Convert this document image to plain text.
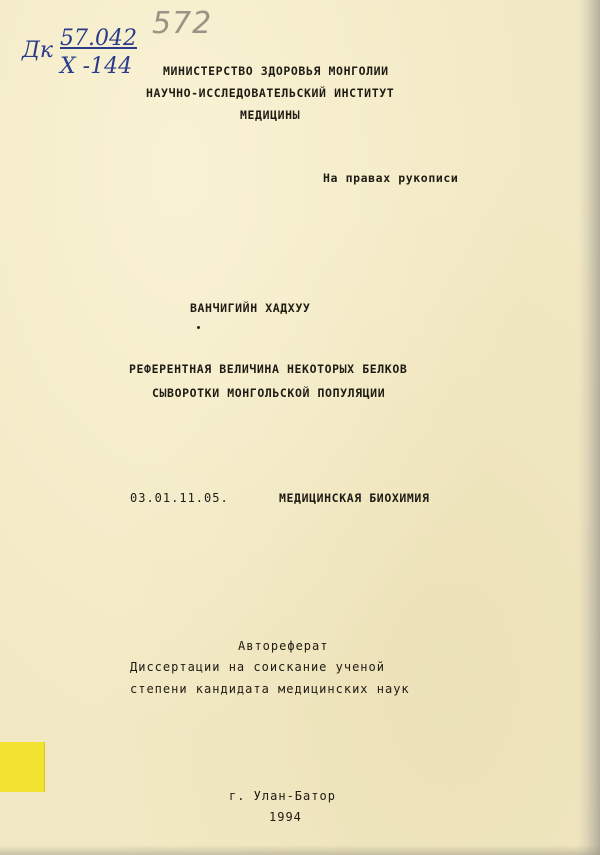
572
Дк 57.042
X -144	МИНИСТЕРСТВО ЗДОРОВЬЯ МОНГОЛИИ
НАУЧНО-ИССЛЕДОВАТЕЛЬСКИЙ ИНСТИТУТ
МЕДИЦИНЫ
На правах рукописи
ВАНЧИГИЙН ХАДХУУ
РЕФЕРЕНТНАЯ ВЕЛИЧИНА НЕКОТОРЫХ БЕЛКОВ
СЫВОРОТКИ МОНГОЛЬСКОЙ ПОПУЛЯЦИИ
03.01.11.05.	МЕДИЦИНСКАЯ БИОХИМИЯ
Автореферат
Диссертации на соискание ученой
степени кандидата медицинских наук
г. Улан-Батор
1994
